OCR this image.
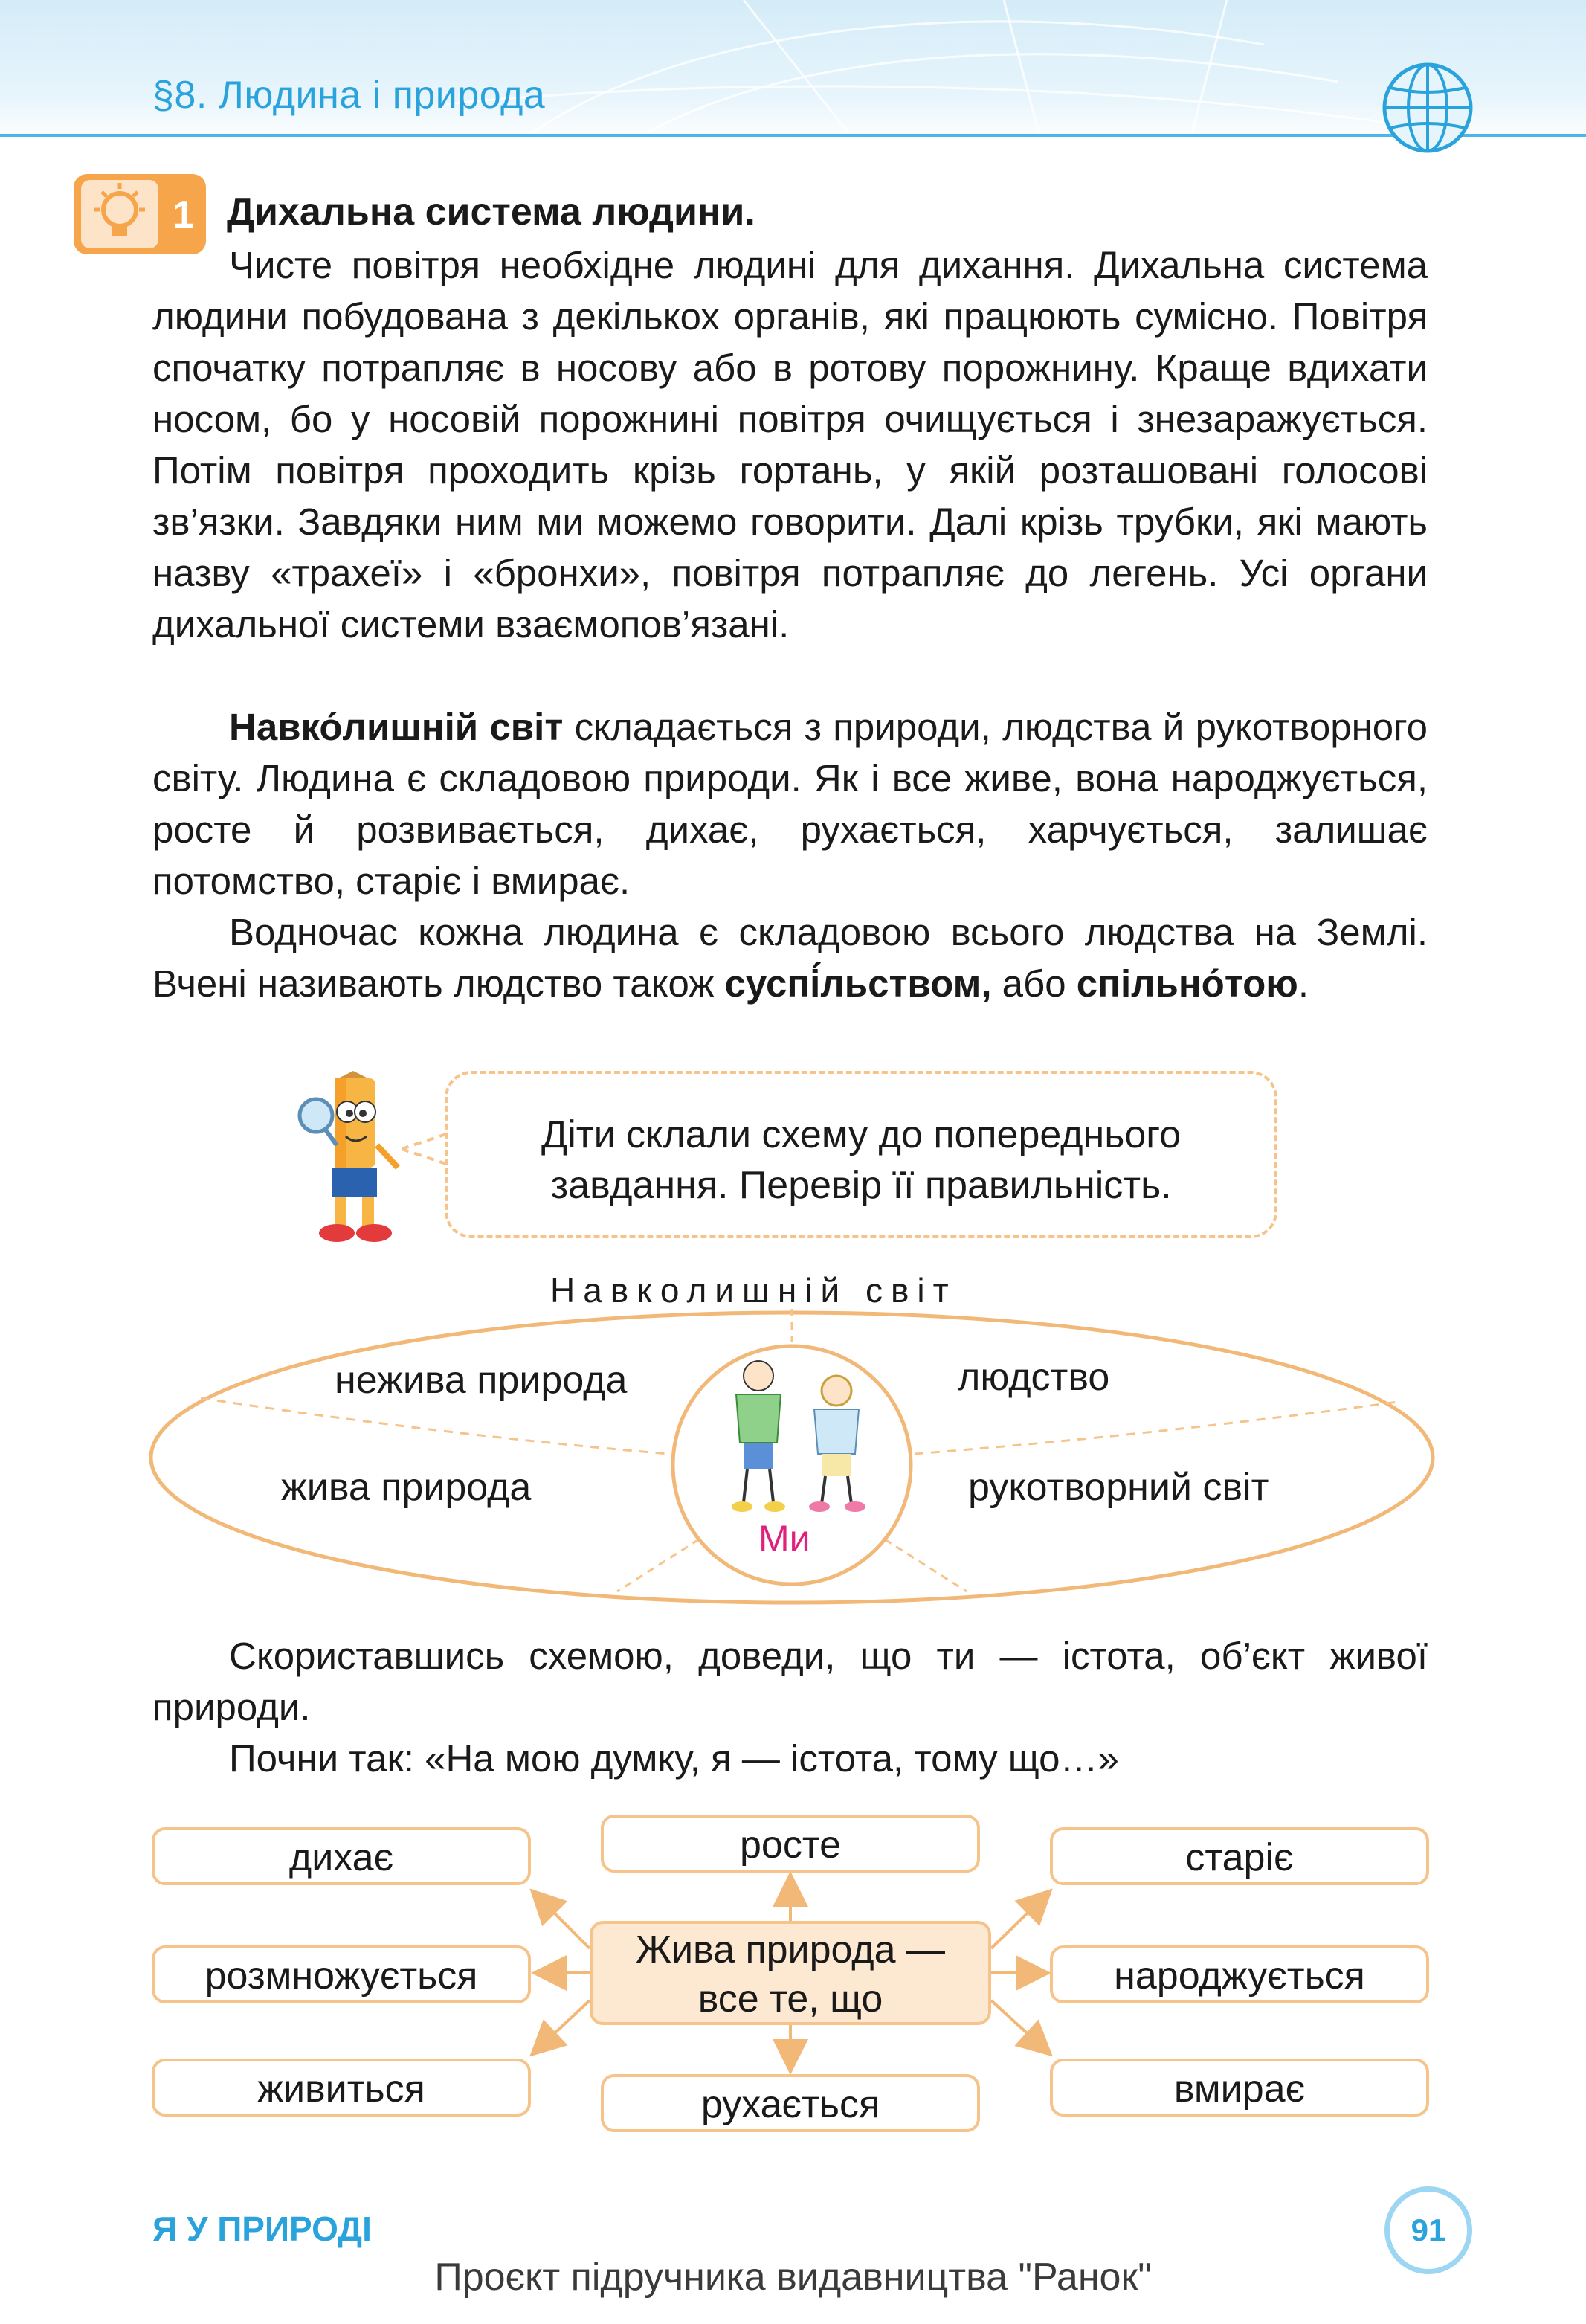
§8. Людина і природа
1 Дихальна система людини.
Чисте повітря необхідне людині для дихання. Дихальна система людини побудована з декількох органів, які працюють сумісно. Повітря спочатку потрапляє в носову або в ротову порожнину. Краще вдихати носом, бо у носовій порожнині повітря очищується і знезаражується. Потім повітря проходить крізь гортань, у якій розташовані голосові зв’язки. Завдяки ним ми можемо говорити. Далі крізь трубки, які мають назву «трахеї» і «бронхи», повітря потрапляє до легень. Усі органи дихальної системи взаємопов’язані.
Навко́лишній світ складається з природи, людства й рукотворного світу. Людина є складовою природи. Як і все живе, вона народжується, росте й розвивається, дихає, рухається, харчується, залишає потомство, старіє і вмирає.
Водночас кожна людина є складовою всього людства на Землі. Вчені називають людство також суспі́льством, або спільно́тою.
Діти склали схему до попереднього
завдання. Перевір її правильність.
Навколишній світ
нежива природа
жива природа
людство
рукотворний світ
Ми
Скориставшись схемою, доведи, що ти — істота, об’єкт живої природи.
Почни так: «На мою думку, я — істота, тому що…»
дихає
розмножується
живиться
росте
рухається
старіє
народжується
вмирає
Жива природа —
все те, що
Я У ПРИРОДІ	91
Проєкт підручника видавництва "Ранок"
